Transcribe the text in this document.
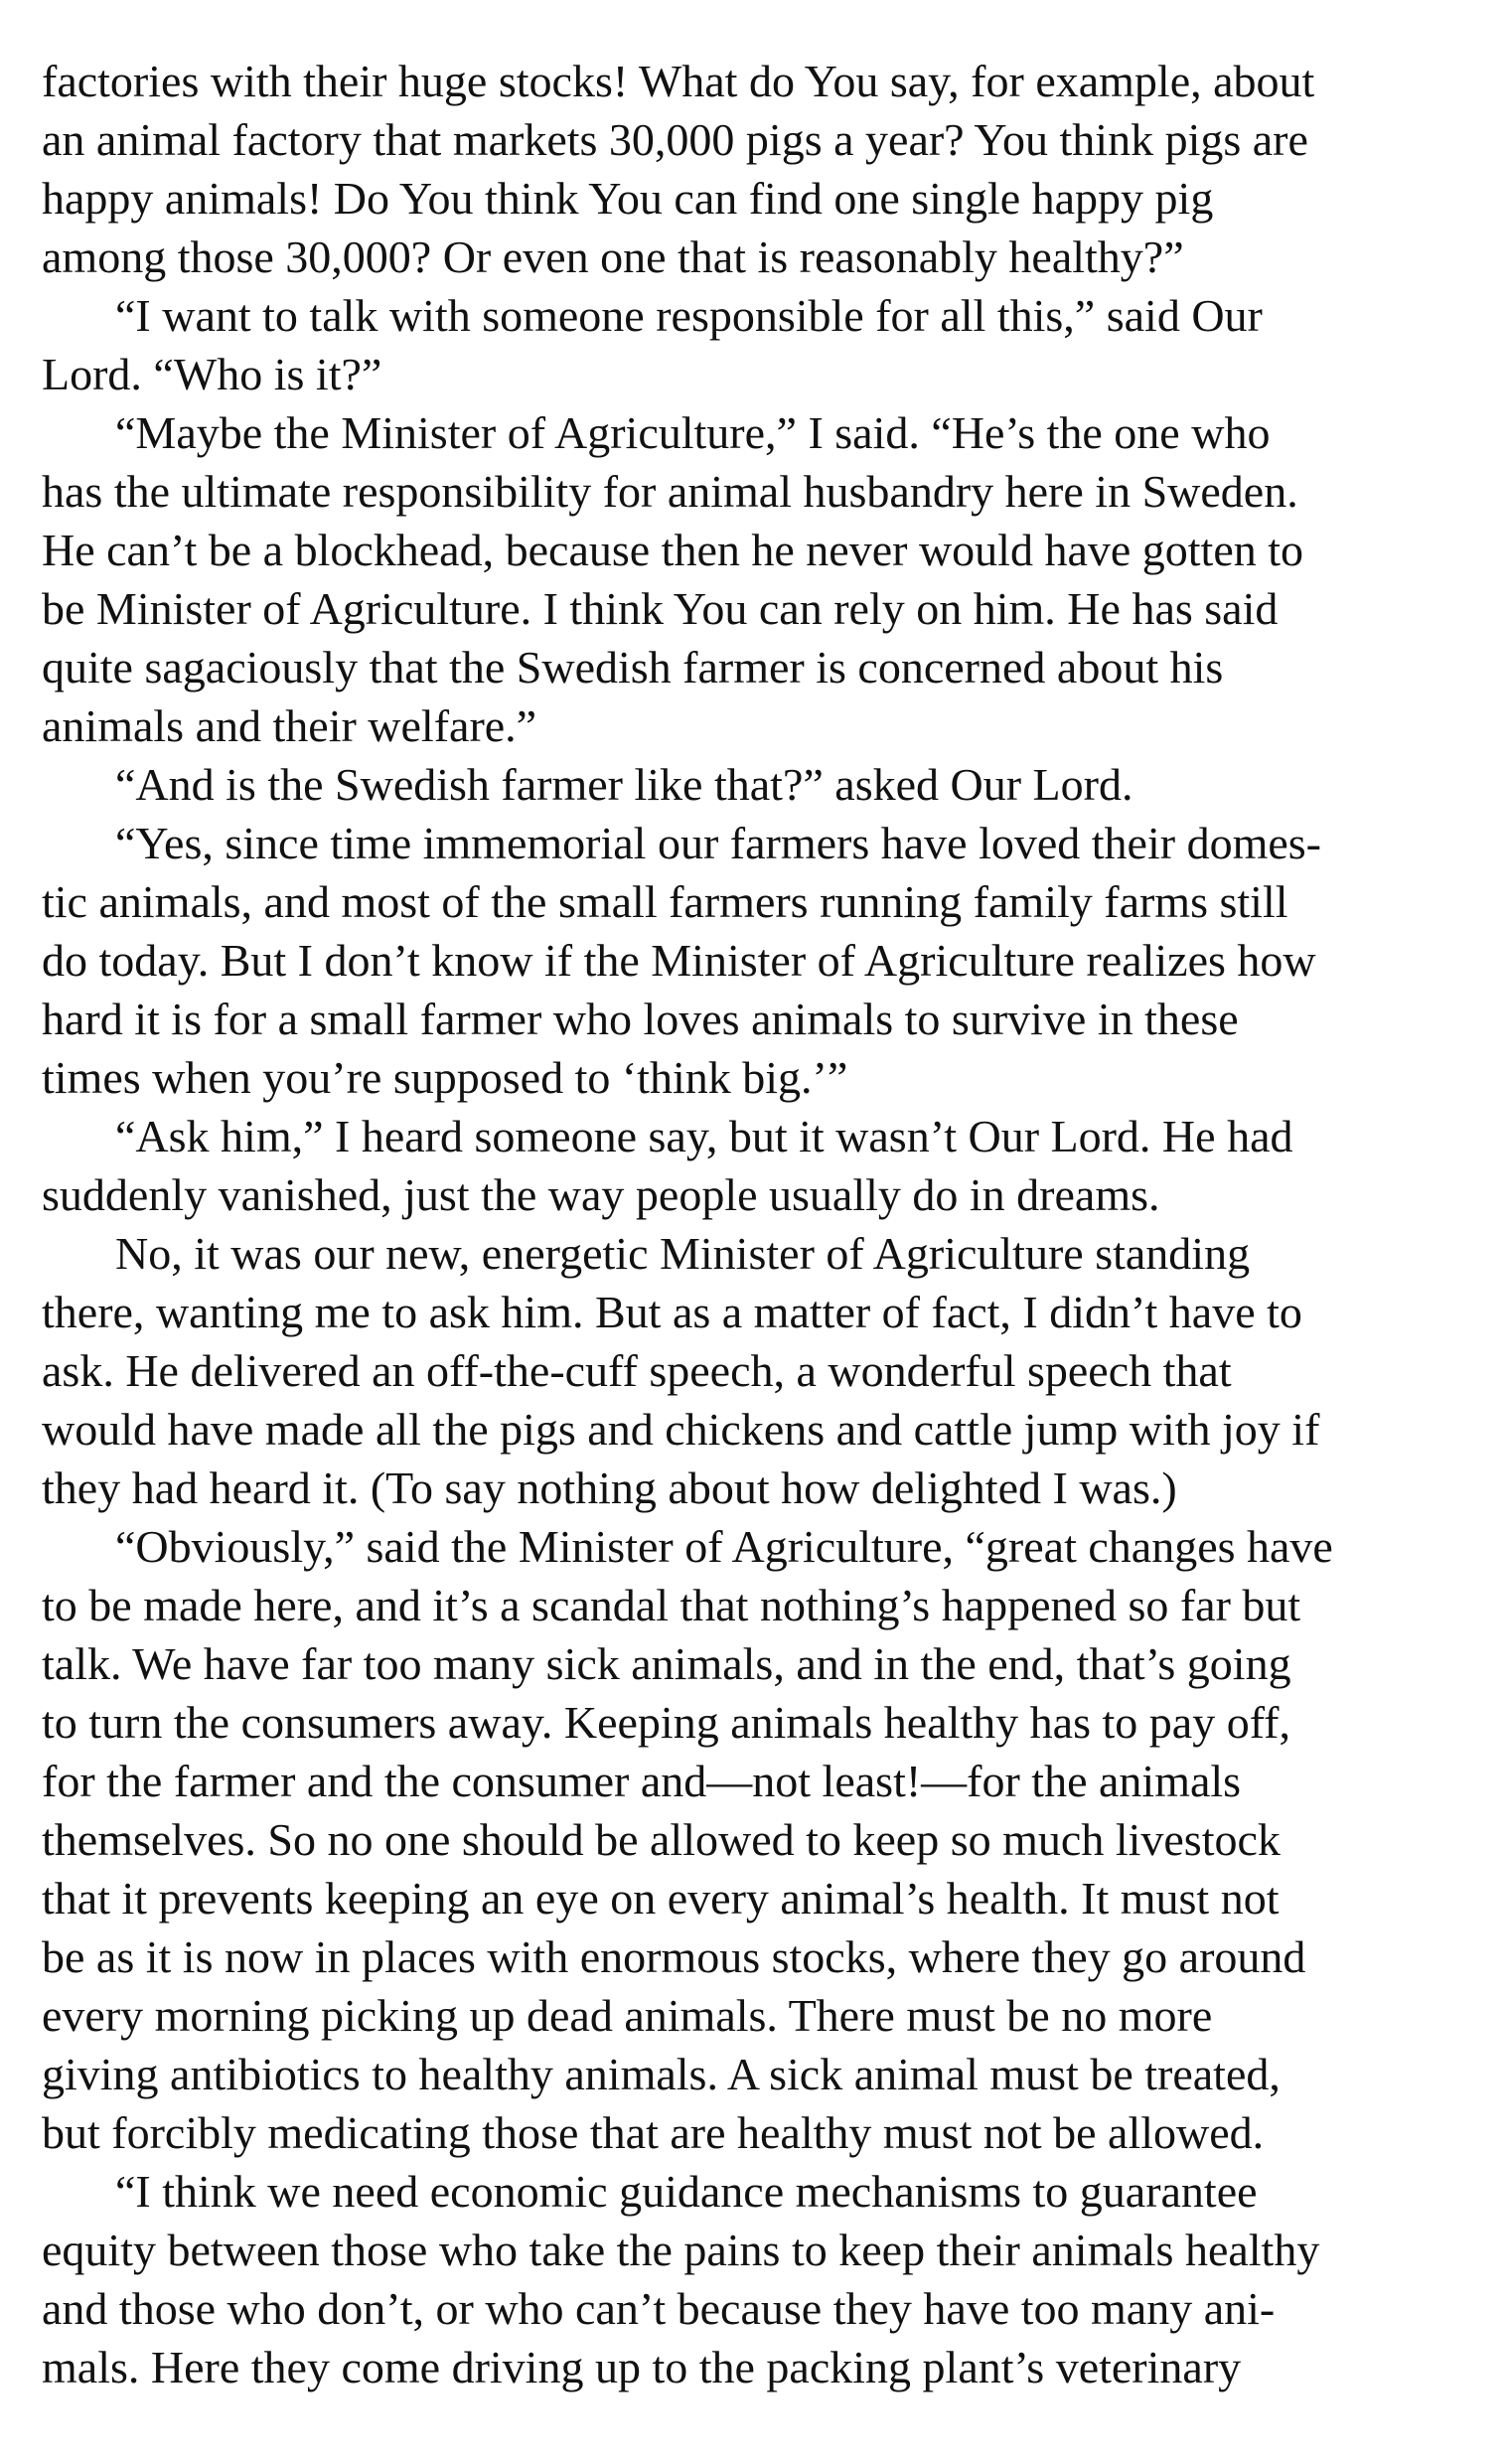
factories with their huge stocks! What do You say, for example, about
an animal factory that markets 30,000 pigs a year? You think pigs are
happy animals! Do You think You can find one single happy pig
among those 30,000? Or even one that is reasonably healthy?”
“I want to talk with someone responsible for all this,” said Our
Lord. “Who is it?”
“Maybe the Minister of Agriculture,” I said. “He’s the one who
has the ultimate responsibility for animal husbandry here in Sweden.
He can’t be a blockhead, because then he never would have gotten to
be Minister of Agriculture. I think You can rely on him. He has said
quite sagaciously that the Swedish farmer is concerned about his
animals and their welfare.”
“And is the Swedish farmer like that?” asked Our Lord.
“Yes, since time immemorial our farmers have loved their domes-
tic animals, and most of the small farmers running family farms still
do today. But I don’t know if the Minister of Agriculture realizes how
hard it is for a small farmer who loves animals to survive in these
times when you’re supposed to ‘think big.’”
“Ask him,” I heard someone say, but it wasn’t Our Lord. He had
suddenly vanished, just the way people usually do in dreams.
No, it was our new, energetic Minister of Agriculture standing
there, wanting me to ask him. But as a matter of fact, I didn’t have to
ask. He delivered an off-the-cuff speech, a wonderful speech that
would have made all the pigs and chickens and cattle jump with joy if
they had heard it. (To say nothing about how delighted I was.)
“Obviously,” said the Minister of Agriculture, “great changes have
to be made here, and it’s a scandal that nothing’s happened so far but
talk. We have far too many sick animals, and in the end, that’s going
to turn the consumers away. Keeping animals healthy has to pay off,
for the farmer and the consumer and—not least!—for the animals
themselves. So no one should be allowed to keep so much livestock
that it prevents keeping an eye on every animal’s health. It must not
be as it is now in places with enormous stocks, where they go around
every morning picking up dead animals. There must be no more
giving antibiotics to healthy animals. A sick animal must be treated,
but forcibly medicating those that are healthy must not be allowed.
“I think we need economic guidance mechanisms to guarantee
equity between those who take the pains to keep their animals healthy
and those who don’t, or who can’t because they have too many ani-
mals. Here they come driving up to the packing plant’s veterinary
